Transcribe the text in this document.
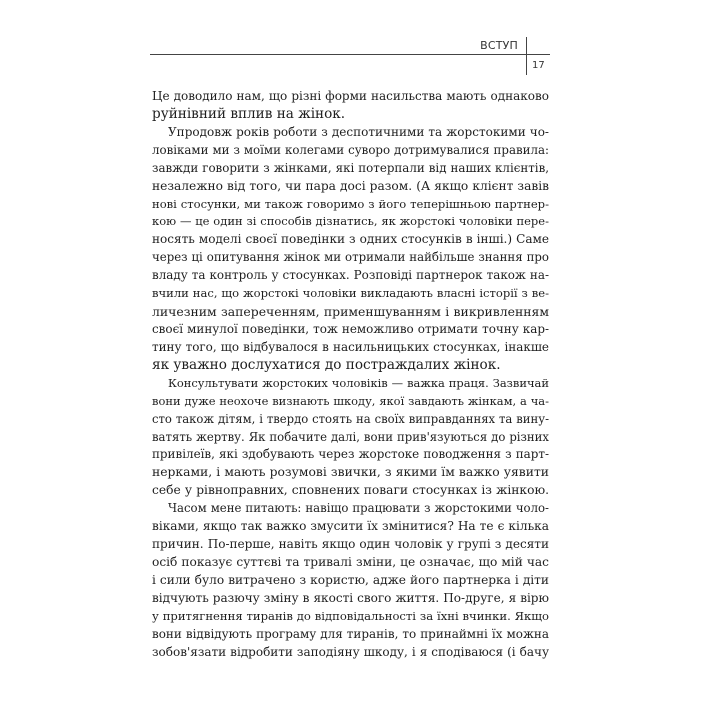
ВСТУП
17
Це доводило нам, що різні форми насильства мають однаково
руйнівний вплив на жінок.
Упродовж років роботи з деспотичними та жорстокими чо-
ловіками ми з моїми колегами суворо дотримувалися правила:
завжди говорити з жінками, які потерпали від наших клієнтів,
незалежно від того, чи пара досі разом. (А якщо клієнт завів
нові стосунки, ми також говоримо з його теперішньою партнер-
кою — це один зі способів дізнатись, як жорстокі чоловіки пере-
носять моделі своєї поведінки з одних стосунків в інші.) Саме
через ці опитування жінок ми отримали найбільше знання про
владу та контроль у стосунках. Розповіді партнерок також на-
вчили нас, що жорстокі чоловіки викладають власні історії з ве-
личезним запереченням, применшуванням і викривленням
своєї минулої поведінки, тож неможливо отримати точну кар-
тину того, що відбувалося в насильницьких стосунках, інакше
як уважно дослухатися до постраждалих жінок.
Консультувати жорстоких чоловіків — важка праця. Зазвичай
вони дуже неохоче визнають шкоду, якої завдають жінкам, а ча-
сто також дітям, і твердо стоять на своїх виправданнях та вину-
ватять жертву. Як побачите далі, вони прив'язуються до різних
привілеїв, які здобувають через жорстоке поводження з парт-
нерками, і мають розумові звички, з якими їм важко уявити
себе у рівноправних, сповнених поваги стосунках із жінкою.
Часом мене питають: навіщо працювати з жорстокими чоло-
віками, якщо так важко змусити їх змінитися? На те є кілька
причин. По-перше, навіть якщо один чоловік у групі з десяти
осіб показує суттєві та тривалі зміни, це означає, що мій час
і сили було витрачено з користю, адже його партнерка і діти
відчують разючу зміну в якості свого життя. По-друге, я вірю
у притягнення тиранів до відповідальності за їхні вчинки. Якщо
вони відвідують програму для тиранів, то принаймні їх можна
зобов'язати відробити заподіяну шкоду, і я сподіваюся (і бачу
